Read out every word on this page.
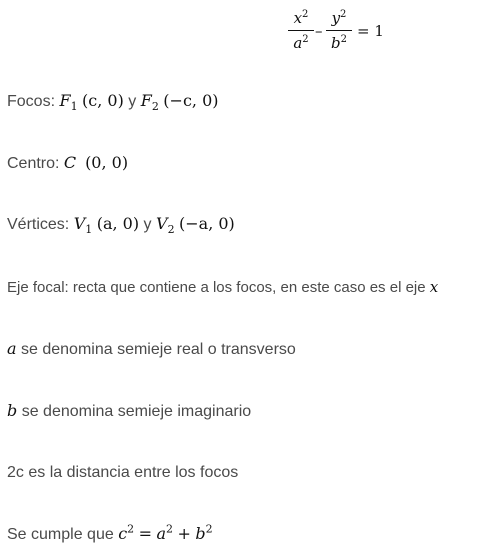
$x^2$
$a^2$ –
$y^2$
$b^2 = 1$
Focos: $F_1$ (c, 0) y $F_2$ (−c, 0)
Centro: C (0, 0)
Vértices: $V_1$ (a, 0) y $V_2$ (−a, 0)
Eje focal: recta que contiene a los focos, en este caso es el eje x
a se denomina semieje real o transverso
b se denomina semieje imaginario
2c es la distancia entre los focos
Se cumple que $c^2 = a^2 + b^2$
